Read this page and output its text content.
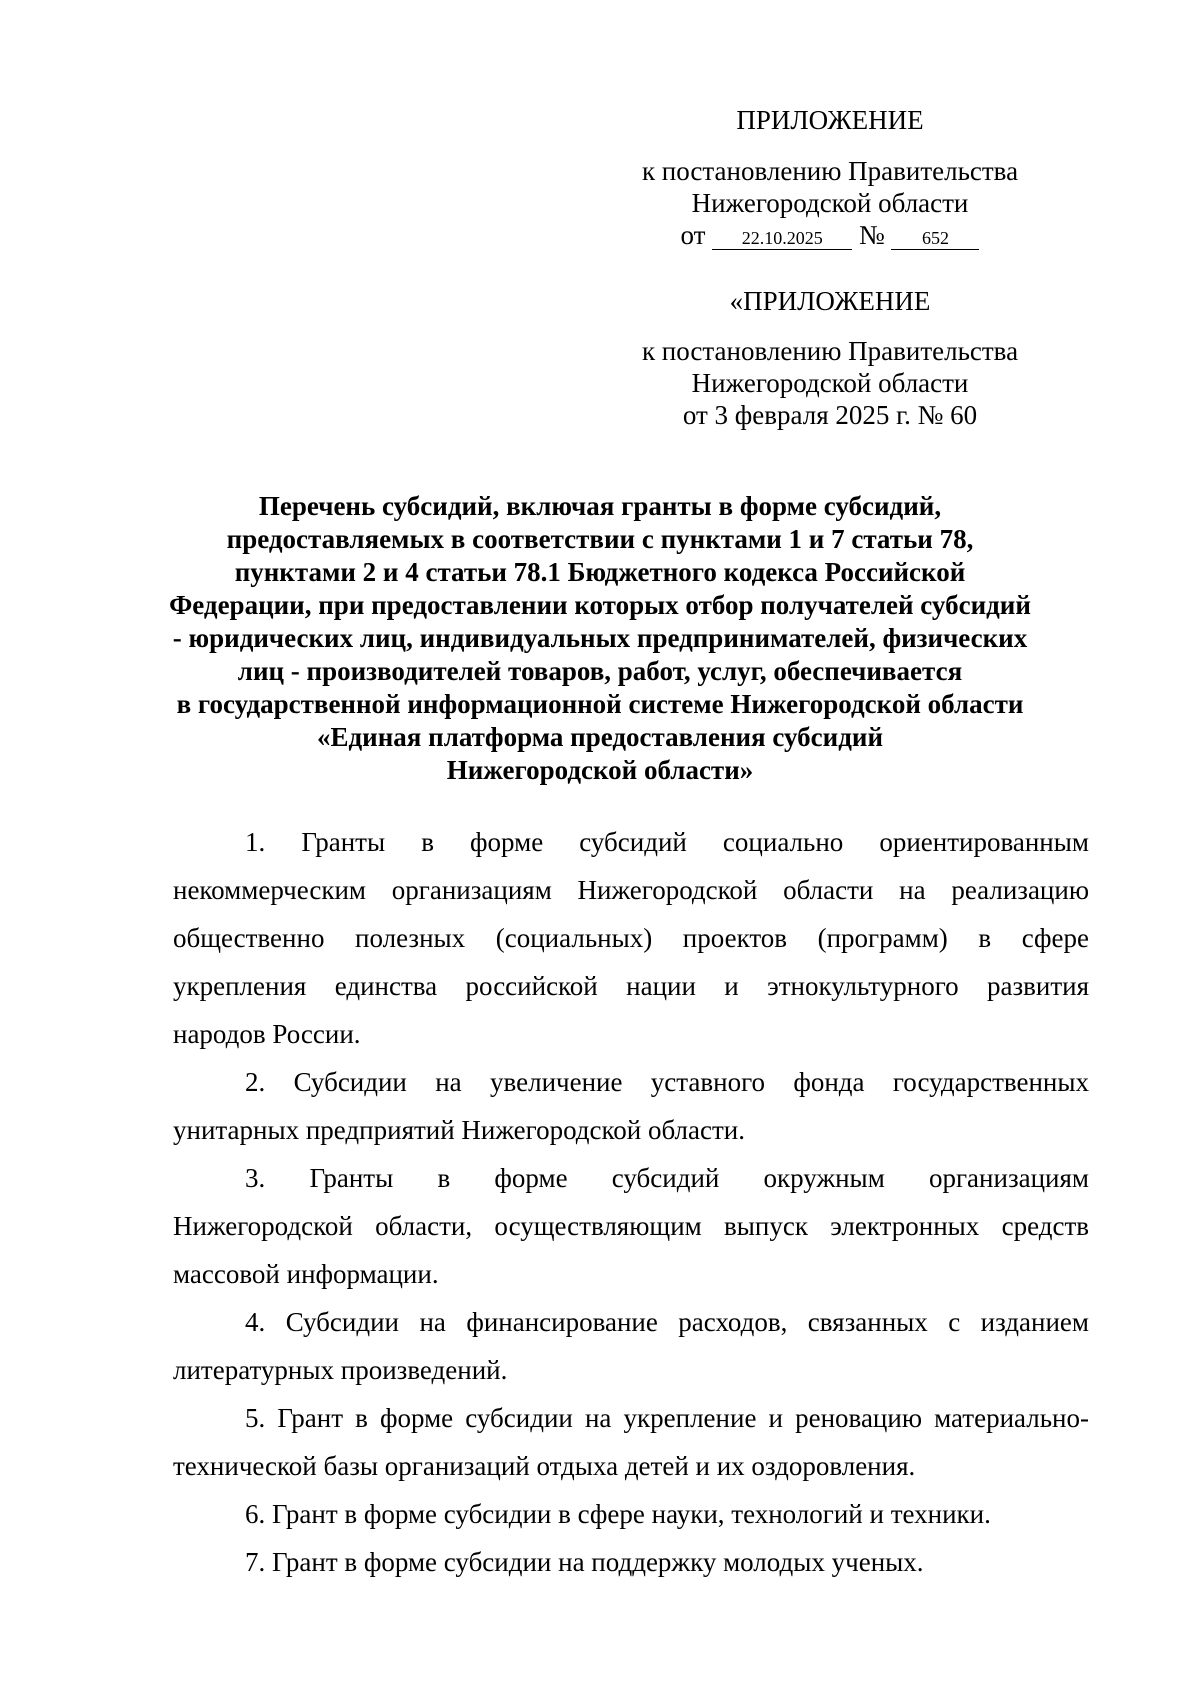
ПРИЛОЖЕНИЕ
к постановлению Правительства
Нижегородской области
от 22.10.2025 № 652
«ПРИЛОЖЕНИЕ
к постановлению Правительства
Нижегородской области
от 3 февраля 2025 г. № 60
Перечень субсидий, включая гранты в форме субсидий,
предоставляемых в соответствии с пунктами 1 и 7 статьи 78,
пунктами 2 и 4 статьи 78.1 Бюджетного кодекса Российской
Федерации, при предоставлении которых отбор получателей субсидий
- юридических лиц, индивидуальных предпринимателей, физических
лиц - производителей товаров, работ, услуг, обеспечивается
в государственной информационной системе Нижегородской области
«Единая платформа предоставления субсидий
Нижегородской области»
1. Гранты в форме субсидий социально ориентированным
некоммерческим организациям Нижегородской области на реализацию
общественно полезных (социальных) проектов (программ) в сфере
укрепления единства российской нации и этнокультурного развития
народов России.
2. Субсидии на увеличение уставного фонда государственных
унитарных предприятий Нижегородской области.
3. Гранты в форме субсидий окружным организациям
Нижегородской области, осуществляющим выпуск электронных средств
массовой информации.
4. Субсидии на финансирование расходов, связанных с изданием
литературных произведений.
5. Грант в форме субсидии на укрепление и реновацию материально-
технической базы организаций отдыха детей и их оздоровления.
6. Грант в форме субсидии в сфере науки, технологий и техники.
7. Грант в форме субсидии на поддержку молодых ученых.
